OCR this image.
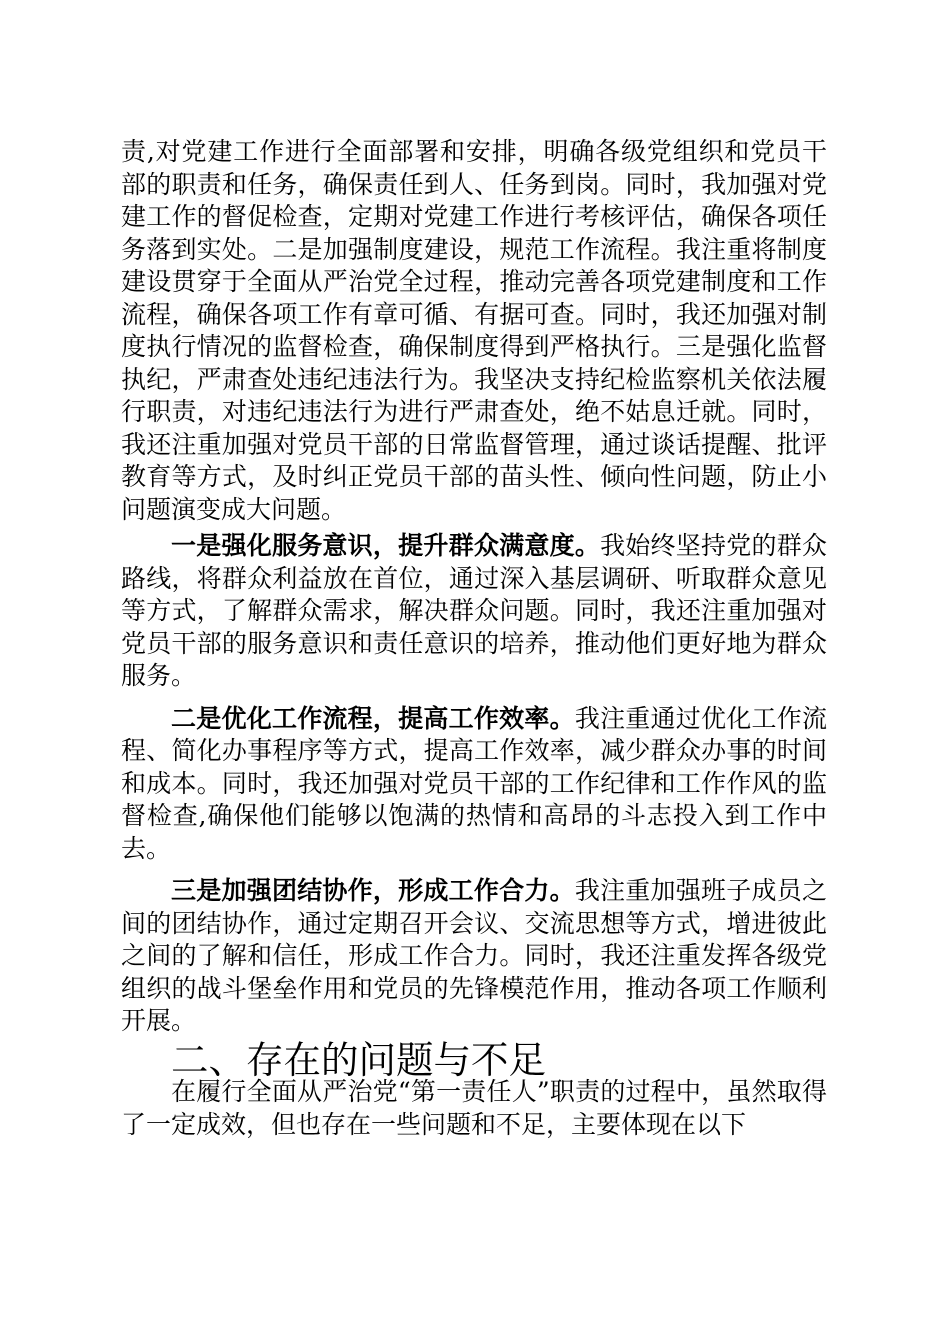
责,对党建工作进行全面部署和安排，明确各级党组织和党员干部的职责和任务，确保责任到人、任务到岗。同时，我加强对党建工作的督促检查，定期对党建工作进行考核评估，确保各项任务落到实处。二是加强制度建设，规范工作流程。我注重将制度建设贯穿于全面从严治党全过程，推动完善各项党建制度和工作流程，确保各项工作有章可循、有据可查。同时，我还加强对制度执行情况的监督检查，确保制度得到严格执行。三是强化监督执纪，严肃查处违纪违法行为。我坚决支持纪检监察机关依法履行职责，对违纪违法行为进行严肃查处，绝不姑息迁就。同时，我还注重加强对党员干部的日常监督管理，通过谈话提醒、批评教育等方式，及时纠正党员干部的苗头性、倾向性问题，防止小问题演变成大问题。

一是强化服务意识，提升群众满意度。我始终坚持党的群众路线，将群众利益放在首位，通过深入基层调研、听取群众意见等方式，了解群众需求，解决群众问题。同时，我还注重加强对党员干部的服务意识和责任意识的培养，推动他们更好地为群众服务。

二是优化工作流程，提高工作效率。我注重通过优化工作流程、简化办事程序等方式，提高工作效率，减少群众办事的时间和成本。同时，我还加强对党员干部的工作纪律和工作作风的监督检查,确保他们能够以饱满的热情和高昂的斗志投入到工作中去。

三是加强团结协作，形成工作合力。我注重加强班子成员之间的团结协作，通过定期召开会议、交流思想等方式，增进彼此之间的了解和信任，形成工作合力。同时，我还注重发挥各级党组织的战斗堡垒作用和党员的先锋模范作用，推动各项工作顺利开展。

二、存在的问题与不足

在履行全面从严治党“第一责任人”职责的过程中，虽然取得了一定成效，但也存在一些问题和不足，主要体现在以下
